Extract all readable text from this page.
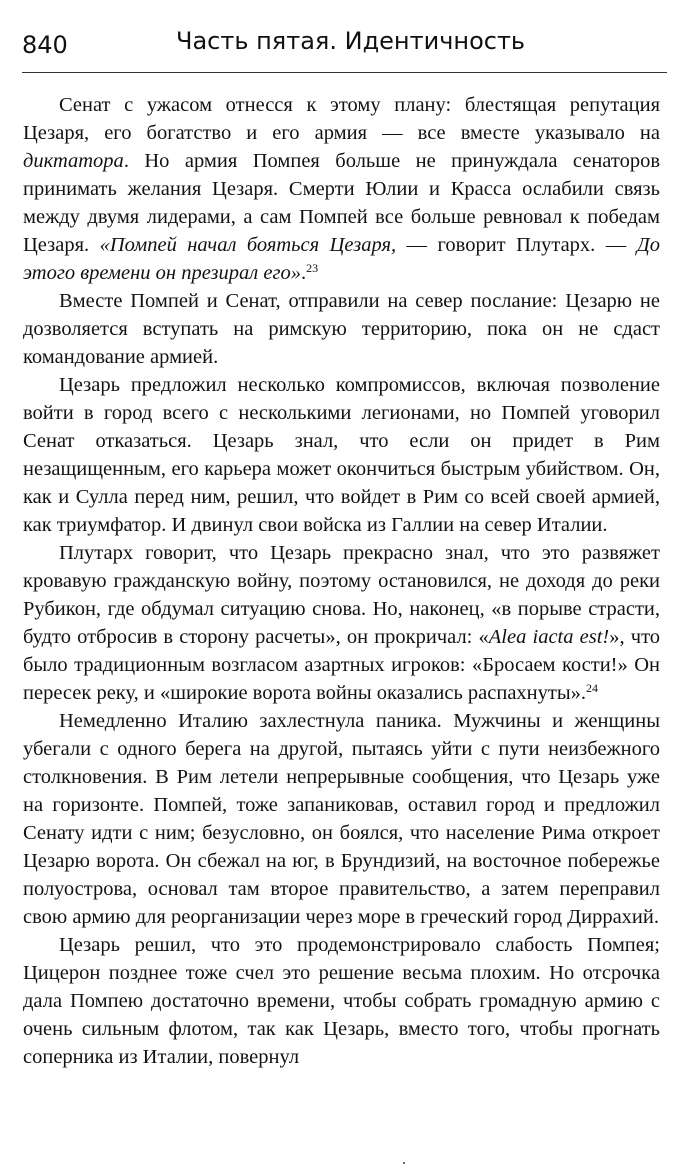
840	Часть пятая. Идентичность

Сенат с ужасом отнесся к этому плану: блестящая репутация Цезаря, его богатство и его армия — все вместе указывало на диктатора. Но армия Помпея больше не принуждала сенаторов принимать желания Цезаря. Смерти Юлии и Красса ослабили связь между двумя лидерами, а сам Помпей все больше ревновал к победам Цезаря. «Помпей начал бояться Цезаря, — говорит Плутарх. — До этого времени он презирал его».$^{23}$

Вместе Помпей и Сенат, отправили на север послание: Цезарю не дозволяется вступать на римскую территорию, пока он не сдаст командование армией.

Цезарь предложил несколько компромиссов, включая позволение войти в город всего с несколькими легионами, но Помпей уговорил Сенат отказаться. Цезарь знал, что если он придет в Рим незащищенным, его карьера может окончиться быстрым убийством. Он, как и Сулла перед ним, решил, что войдет в Рим со всей своей армией, как триумфатор. И двинул свои войска из Галлии на север Италии.

Плутарх говорит, что Цезарь прекрасно знал, что это развяжет кровавую гражданскую войну, поэтому остановился, не доходя до реки Рубикон, где обдумал ситуацию снова. Но, наконец, «в порыве страсти, будто отбросив в сторону расчеты», он прокричал: «Alea iacta est!», что было традиционным возгласом азартных игроков: «Бросаем кости!» Он пересек реку, и «широкие ворота войны оказались распахнуты».$^{24}$

Немедленно Италию захлестнула паника. Мужчины и женщины убегали с одного берега на другой, пытаясь уйти с пути неизбежного столкновения. В Рим летели непрерывные сообщения, что Цезарь уже на горизонте. Помпей, тоже запаниковав, оставил город и предложил Сенату идти с ним; безусловно, он боялся, что население Рима откроет Цезарю ворота. Он сбежал на юг, в Брундизий, на восточное побережье полуострова, основал там второе правительство, а затем переправил свою армию для реорганизации через море в греческий город Диррахий.

Цезарь решил, что это продемонстрировало слабость Помпея; Цицерон позднее тоже счел это решение весьма плохим. Но отсрочка дала Помпею достаточно времени, чтобы собрать громадную армию с очень сильным флотом, так как Цезарь, вместо того, чтобы прогнать соперника из Италии, повернул
